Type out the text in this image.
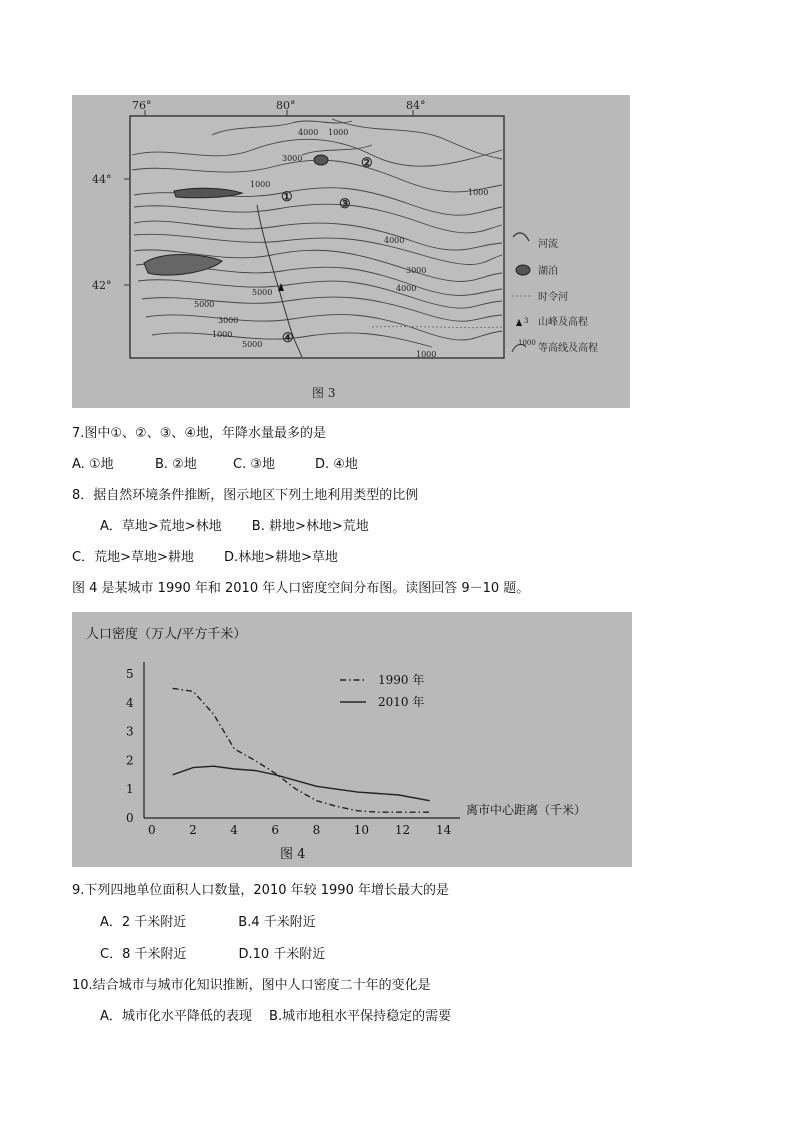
76°	80°	84°
44°
42°
4000 1000
3000
1000
1000
4000
3000
5000
5000
4000
5000
1000
3000
1000
①
②
③
④
河流
湖泊
时令河
3 山峰及高程
1000 等高线及高程
图 3
7.图中①、②、③、④地，年降水量最多的是
A. ①地	B. ②地	C. ③地	D. ④地
8．据自然环境条件推断，图示地区下列土地利用类型的比例
A．草地>荒地>林地　　 B. 耕地>林地>荒地
C．荒地>草地>耕地　　 D.林地>耕地>草地
图 4 是某城市 1990 年和 2010 年人口密度空间分布图。读图回答 9－10 题。
人口密度（万人/平方千米）
离市中心距离（千米）
图 4
0	2	4	6	8	10 12 14
0
1
2
3
4
5	1990 年
2010 年
9.下列四地单位面积人口数量，2010 年较 1990 年增长最大的是
A．2 千米附近　　　　B.4 千米附近
C．8 千米附近　　　　D.10 千米附近
10.结合城市与城市化知识推断，图中人口密度二十年的变化是
A．城市化水平降低的表现　 B.城市地租水平保持稳定的需要
